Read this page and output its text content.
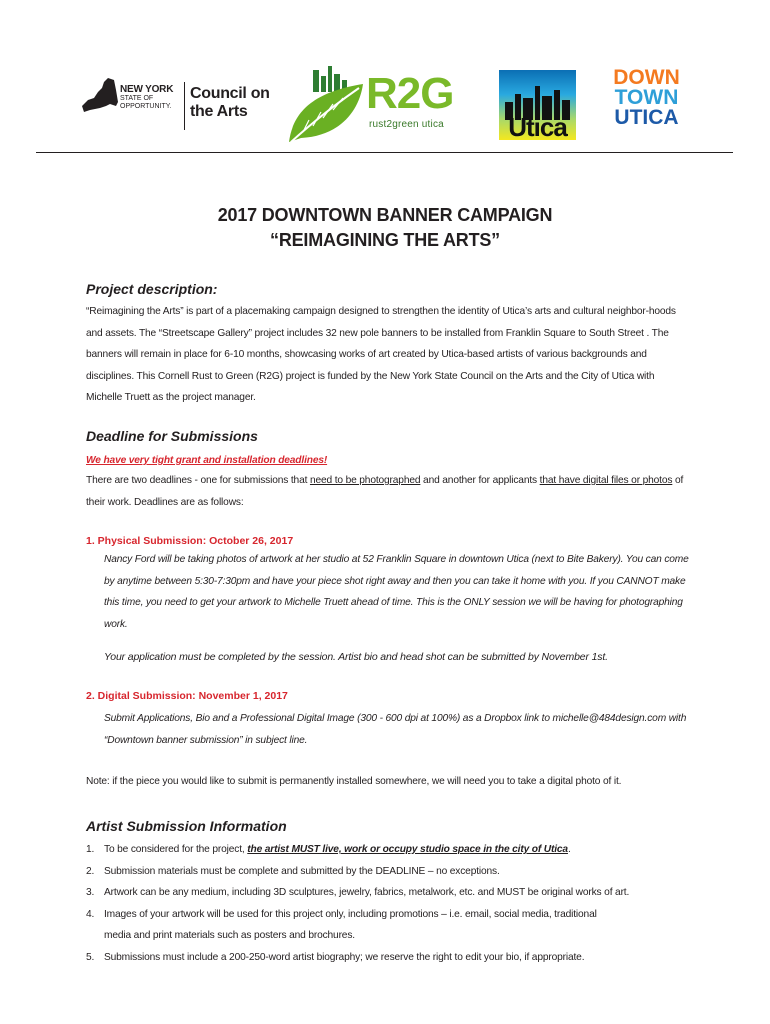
NEW YORK
STATE OF
OPPORTUNITY.
Council on
the Arts	R2G
rust2green utica	Utica
DOWN
TOWN
UTICA
2017 DOWNTOWN BANNER CAMPAIGN
“REIMAGINING THE ARTS”
Project description:
“Reimagining the Arts” is part of a placemaking campaign designed to strengthen the identity of Utica’s arts and cultural neighbor-hoods and assets. The “Streetscape Gallery” project includes 32 new pole banners to be installed from Franklin Square to South Street . The banners will remain in place for 6-10 months, showcasing works of art created by Utica-based artists of various backgrounds and disciplines. This Cornell Rust to Green (R2G) project is funded by the New York State Council on the Arts and the City of Utica with Michelle Truett as the project manager.
Deadline for Submissions
We have very tight grant and installation deadlines!
There are two deadlines - one for submissions that need to be photographed and another for applicants that have digital files or photos of their work. Deadlines are as follows:
1. Physical Submission: October 26, 2017
Nancy Ford will be taking photos of artwork at her studio at 52 Franklin Square in downtown Utica (next to Bite Bakery). You can come by anytime between 5:30-7:30pm and have your piece shot right away and then you can take it home with you. If you CANNOT make this time, you need to get your artwork to Michelle Truett ahead of time. This is the ONLY session we will be having for photographing work.
Your application must be completed by the session. Artist bio and head shot can be submitted by November 1st.
2. Digital Submission: November 1, 2017
Submit Applications, Bio and a Professional Digital Image (300 - 600 dpi at 100%) as a Dropbox link to michelle@484design.com with “Downtown banner submission” in subject line.
Note: if the piece you would like to submit is permanently installed somewhere, we will need you to take a digital photo of it.
Artist Submission Information
1. To be considered for the project, the artist MUST live, work or occupy studio space in the city of Utica.
2. Submission materials must be complete and submitted by the DEADLINE – no exceptions.
3. Artwork can be any medium, including 3D sculptures, jewelry, fabrics, metalwork, etc. and MUST be original works of art.
4. Images of your artwork will be used for this project only, including promotions – i.e. email, social media, traditional media and print materials such as posters and brochures.
5. Submissions must include a 200-250-word artist biography; we reserve the right to edit your bio, if appropriate.
